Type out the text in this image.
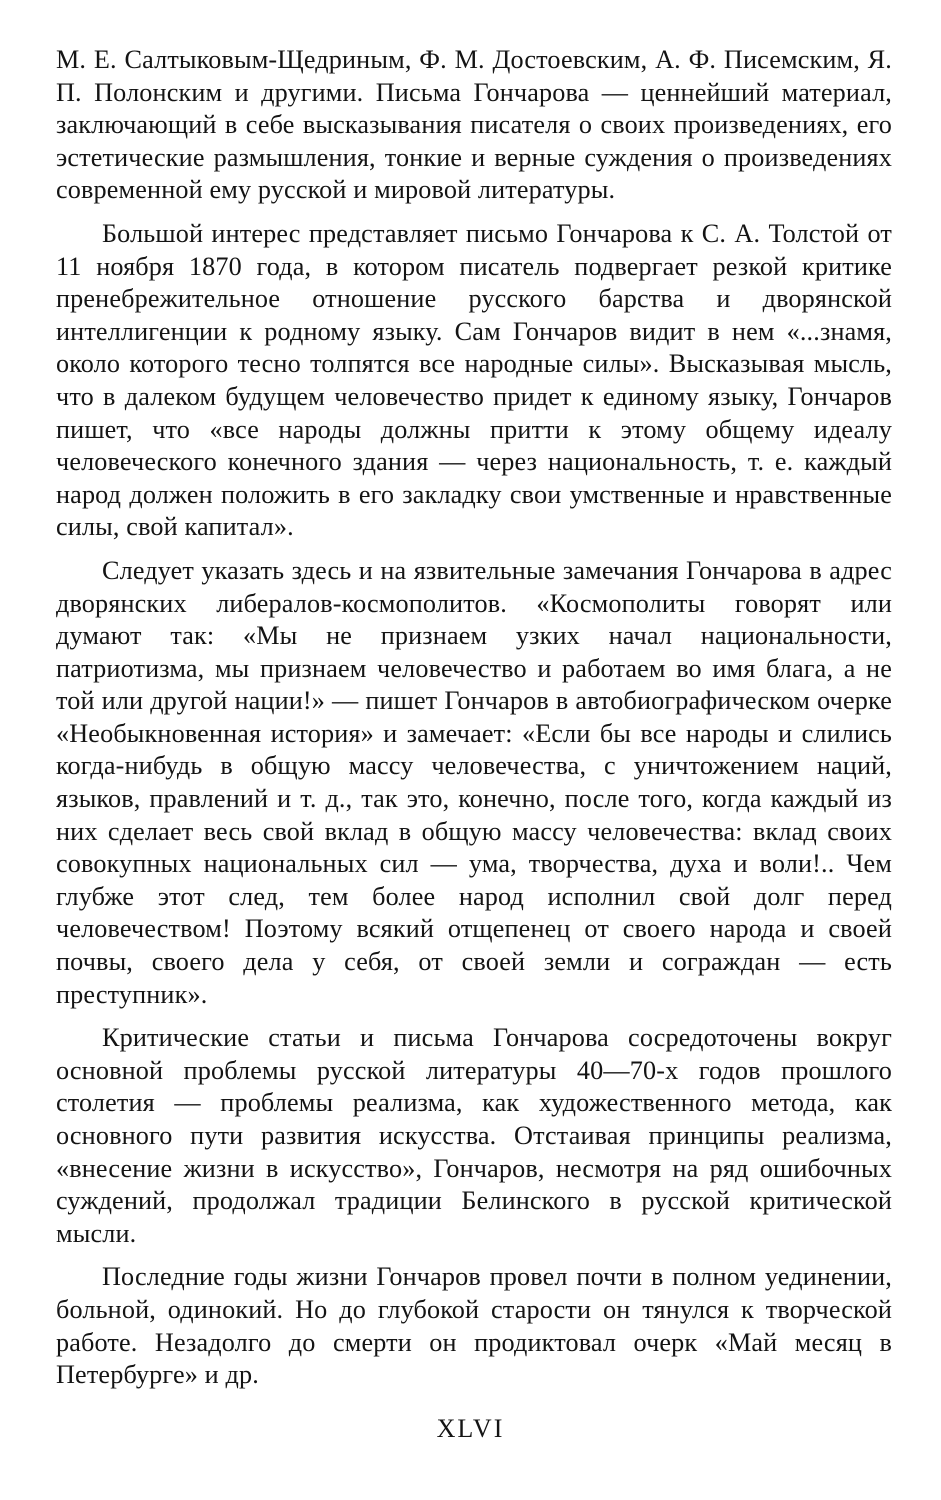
М. Е. Салтыковым-Щедриным, Ф. М. Достоевским, А. Ф. Писемским, Я. П. Полонским и другими. Письма Гончарова — ценнейший материал, заключающий в себе высказывания писателя о своих произведениях, его эстетические размышления, тонкие и верные суждения о произведениях современной ему русской и мировой литературы.

Большой интерес представляет письмо Гончарова к С. А. Толстой от 11 ноября 1870 года, в котором писатель подвергает резкой критике пренебрежительное отношение русского барства и дворянской интеллигенции к родному языку. Сам Гончаров видит в нем «...знамя, около которого тесно толпятся все народные силы». Высказывая мысль, что в далеком будущем человечество придет к единому языку, Гончаров пишет, что «все народы должны притти к этому общему идеалу человеческого конечного здания — через национальность, т. е. каждый народ должен положить в его закладку свои умственные и нравственные силы, свой капитал».

Следует указать здесь и на язвительные замечания Гончарова в адрес дворянских либералов-космополитов. «Космополиты говорят или думают так: «Мы не признаем узких начал национальности, патриотизма, мы признаем человечество и работаем во имя блага, а не той или другой нации!» — пишет Гончаров в автобиографическом очерке «Необыкновенная история» и замечает: «Если бы все народы и слились когда-нибудь в общую массу человечества, с уничтожением наций, языков, правлений и т. д., так это, конечно, после того, когда каждый из них сделает весь свой вклад в общую массу человечества: вклад своих совокупных национальных сил — ума, творчества, духа и воли!.. Чем глубже этот след, тем более народ исполнил свой долг перед человечеством! Поэтому всякий отщепенец от своего народа и своей почвы, своего дела у себя, от своей земли и сограждан — есть преступник».

Критические статьи и письма Гончарова сосредоточены вокруг основной проблемы русской литературы 40—70-х годов прошлого столетия — проблемы реализма, как художественного метода, как основного пути развития искусства. Отстаивая принципы реализма, «внесение жизни в искусство», Гончаров, несмотря на ряд ошибочных суждений, продолжал традиции Белинского в русской критической мысли.

Последние годы жизни Гончаров провел почти в полном уединении, больной, одинокий. Но до глубокой старости он тянулся к творческой работе. Незадолго до смерти он продиктовал очерк «Май месяц в Петербурге» и др.

XLVI
